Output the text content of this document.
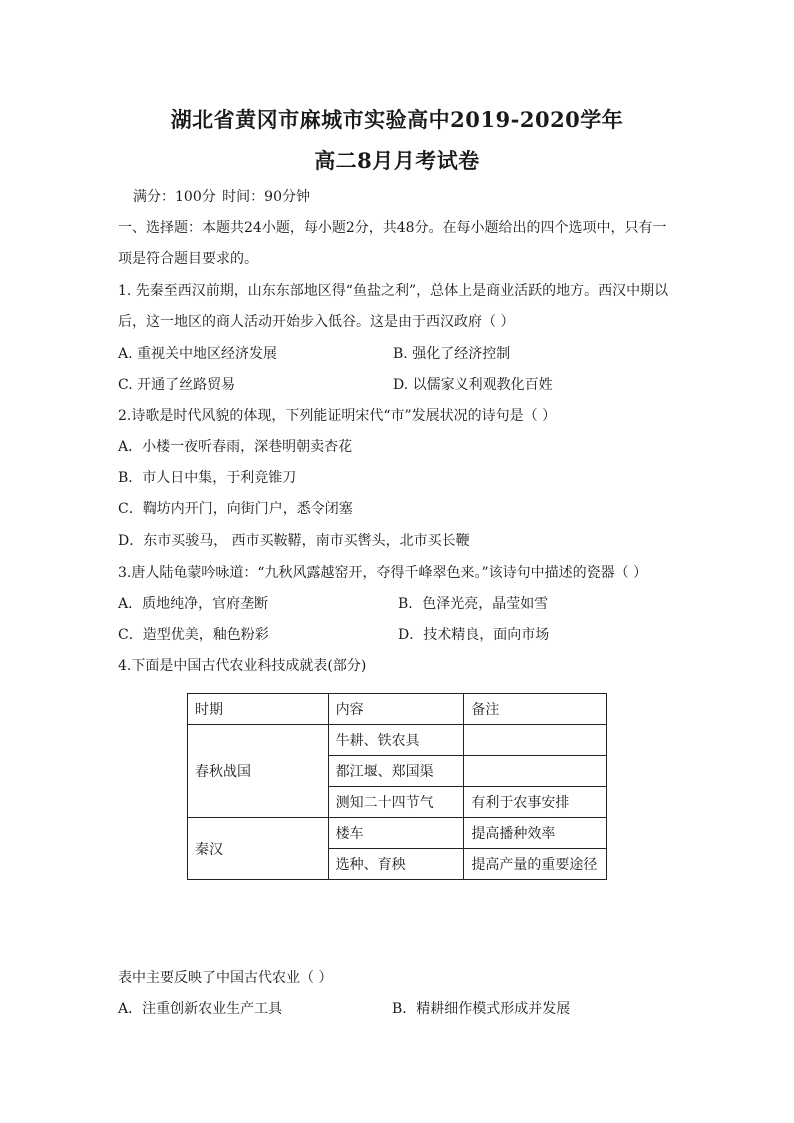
湖北省黄冈市麻城市实验高中2019-2020学年
高二8月月考试卷
满分：100分 时间：90分钟
一、选择题：本题共24小题，每小题2分，共48分。在每小题给出的四个选项中，只有一
项是符合题目要求的。
1. 先秦至西汉前期，山东东部地区得“鱼盐之利”，总体上是商业活跃的地方。西汉中期以
后，这一地区的商人活动开始步入低谷。这是由于西汉政府（ ）
A. 重视关中地区经济发展	B. 强化了经济控制
C. 开通了丝路贸易	D. 以儒家义利观教化百姓
2.诗歌是时代风貌的体现，下列能证明宋代“市”发展状况的诗句是（ ）
A．小楼一夜听春雨，深巷明朝卖杏花
B．市人日中集，于利竞锥刀
C．鞫坊内开门，向街门户，悉令闭塞
D．东市买骏马， 西市买鞍鞯，南市买辔头，北市买长鞭
3.唐人陆龟蒙吟咏道：“九秋风露越窑开，夺得千峰翠色来。”该诗句中描述的瓷器（ ）
A．质地纯净，官府垄断	B．色泽光亮，晶莹如雪
C．造型优美，釉色粉彩	D．技术精良，面向市场
4.下面是中国古代农业科技成就表(部分)
时期	内容	备注
春秋战国	牛耕、铁农具	
	都江堰、郑国渠	
	测知二十四节气	有利于农事安排
秦汉	楼车	提高播种效率
	选种、育秧	提高产量的重要途径
表中主要反映了中国古代农业（ ）
A．注重创新农业生产工具	B．精耕细作模式形成并发展
